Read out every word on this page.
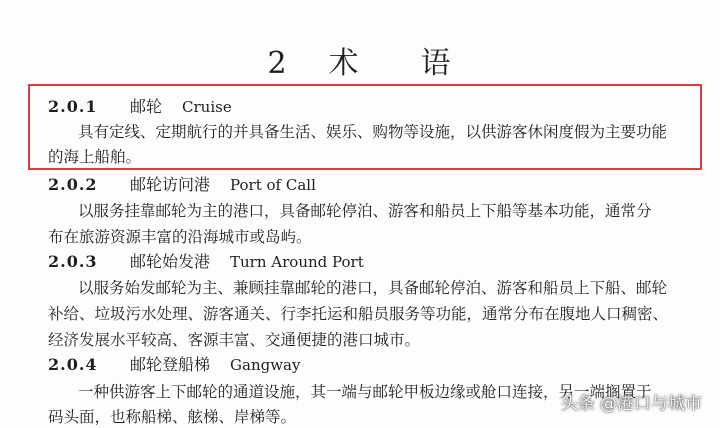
2 术 语
2.0.1 邮轮 Cruise
具有定线、定期航行的并具备生活、娱乐、购物等设施，以供游客休闲度假为主要功能
的海上船舶。
2.0.2 邮轮访问港 Port of Call
以服务挂靠邮轮为主的港口，具备邮轮停泊、游客和船员上下船等基本功能，通常分
布在旅游资源丰富的沿海城市或岛屿。
2.0.3 邮轮始发港 Turn Around Port
以服务始发邮轮为主、兼顾挂靠邮轮的港口，具备邮轮停泊、游客和船员上下船、邮轮
补给、垃圾污水处理、游客通关、行李托运和船员服务等功能，通常分布在腹地人口稠密、
经济发展水平较高、客源丰富、交通便捷的港口城市。
2.0.4 邮轮登船梯 Gangway
一种供游客上下邮轮的通道设施，其一端与邮轮甲板边缘或舱口连接，另一端搁置于
码头面，也称船梯、舷梯、岸梯等。
头条 @港口与城市
